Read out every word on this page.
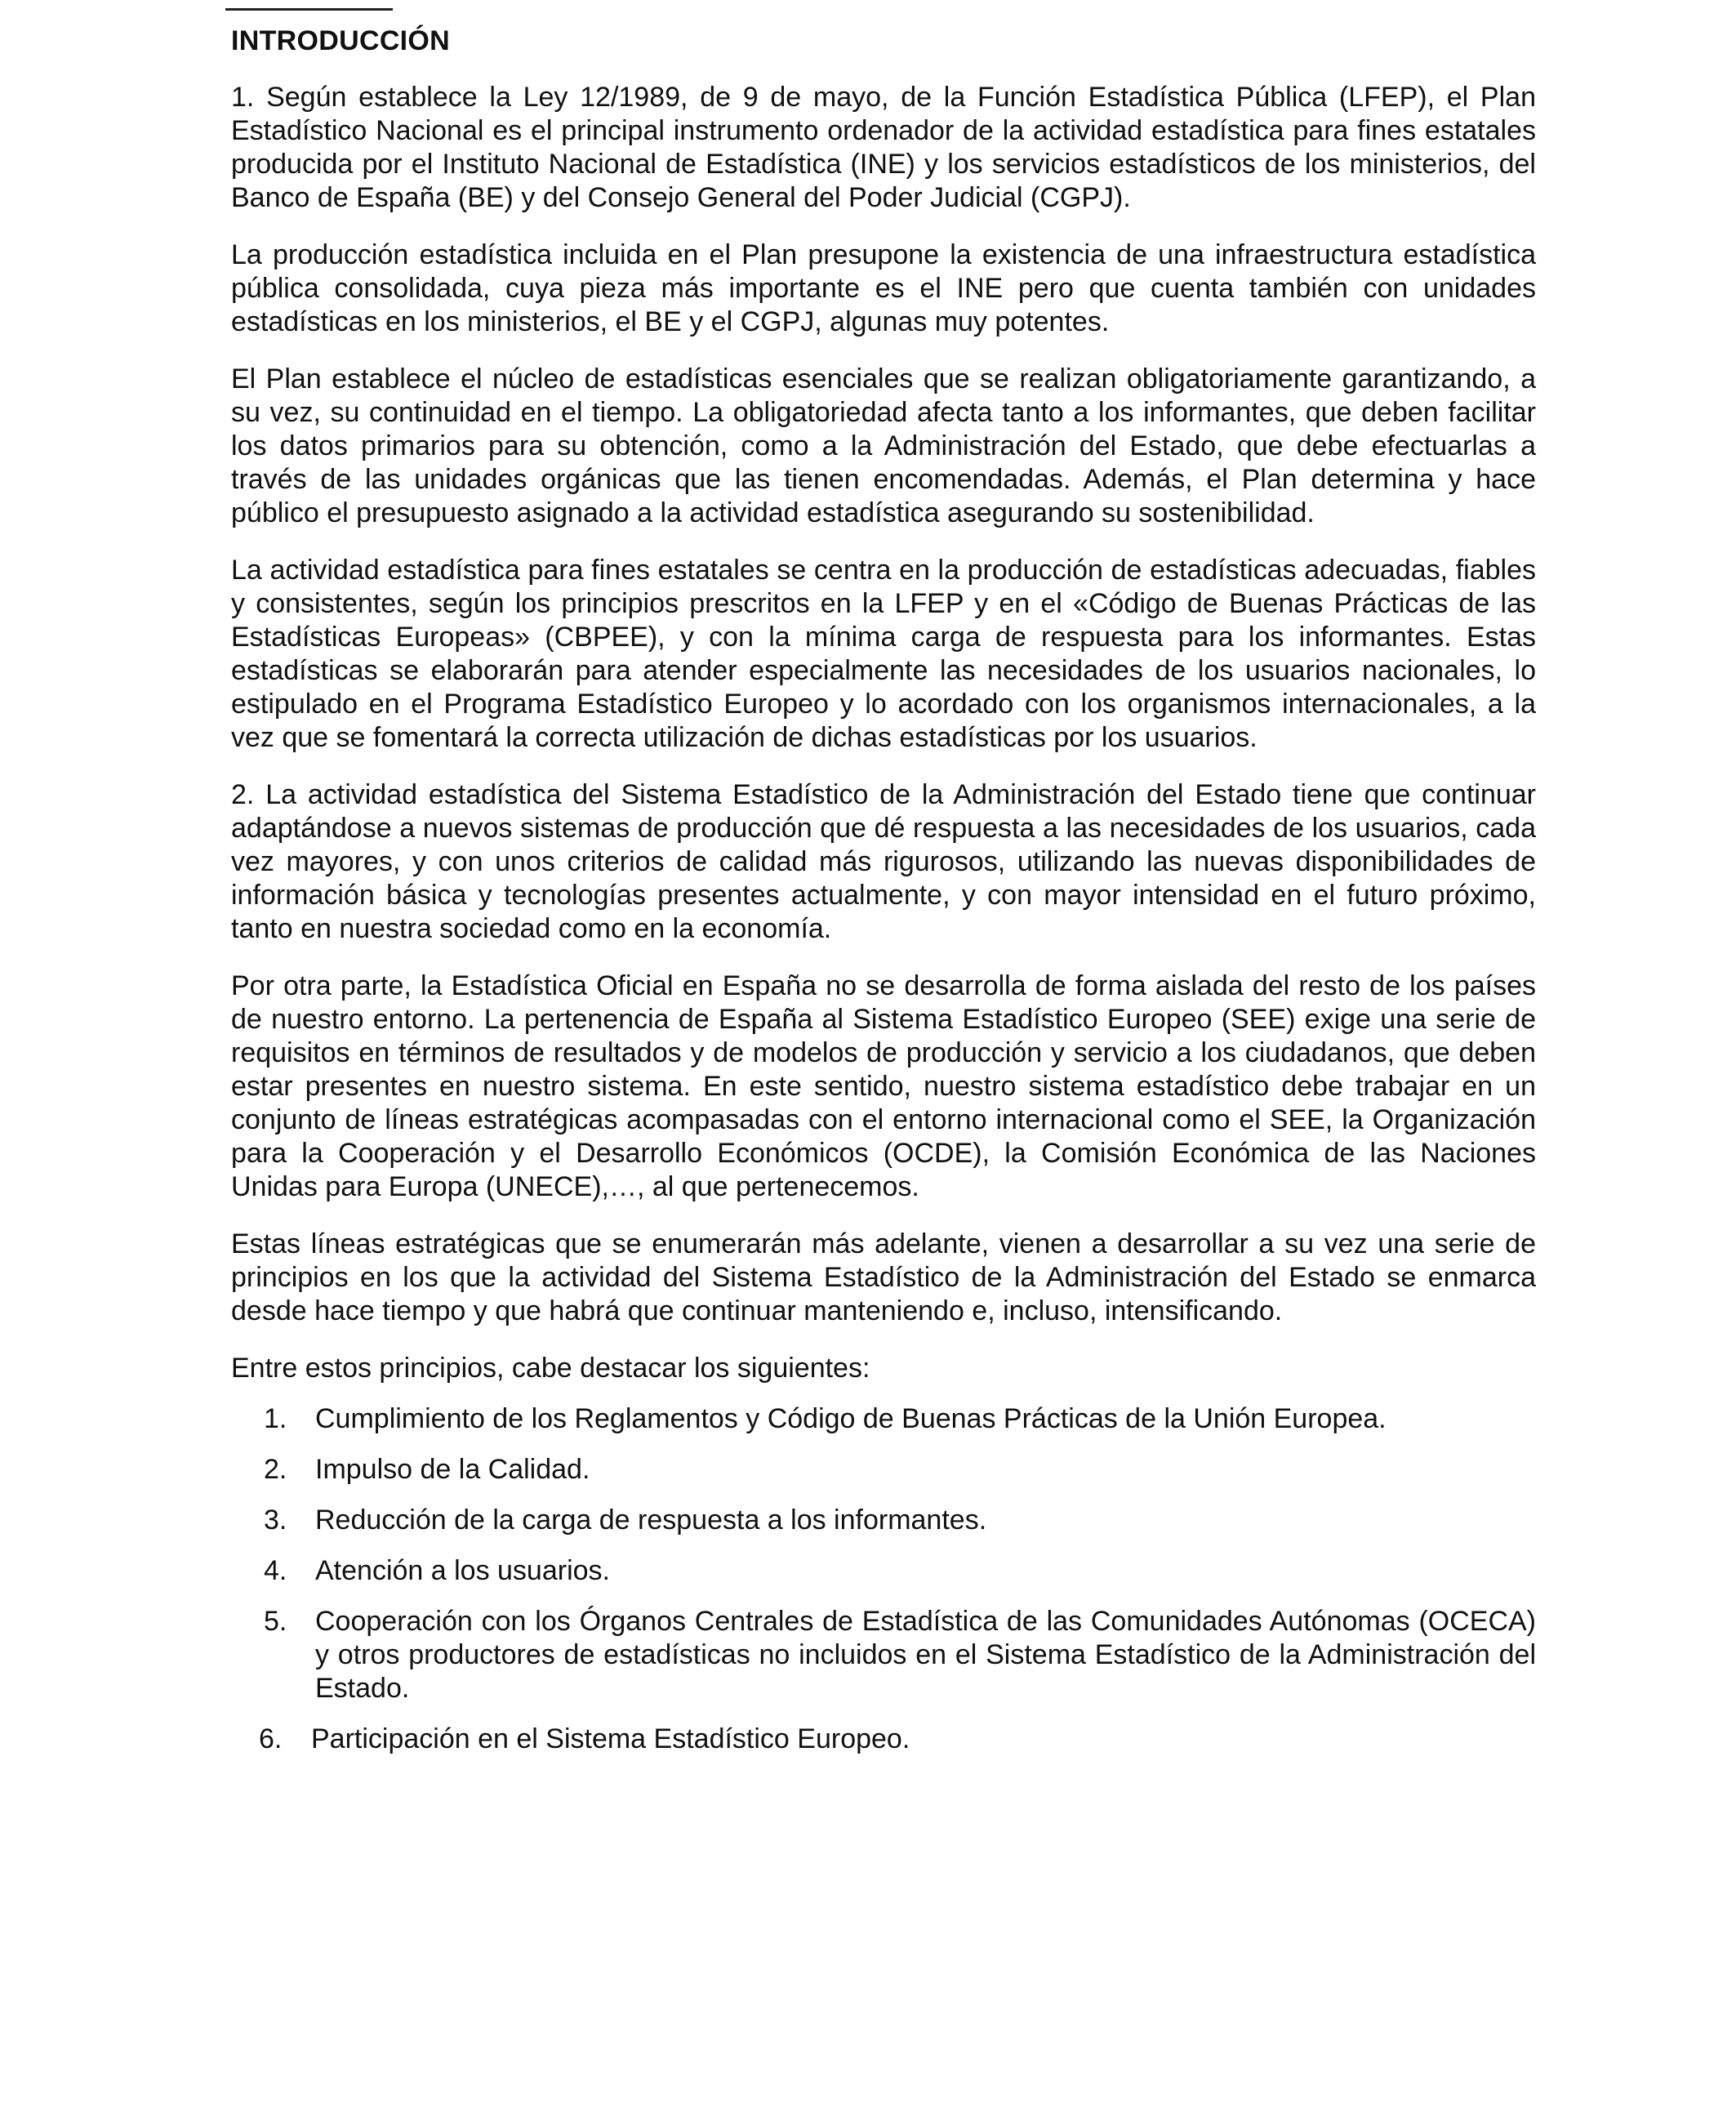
INTRODUCCIÓN

1. Según establece la Ley 12/1989, de 9 de mayo, de la Función Estadística Pública (LFEP), el Plan Estadístico Nacional es el principal instrumento ordenador de la actividad estadística para fines estatales producida por el Instituto Nacional de Estadística (INE) y los servicios estadísticos de los ministerios, del Banco de España (BE) y del Consejo General del Poder Judicial (CGPJ).

La producción estadística incluida en el Plan presupone la existencia de una infraestructura estadística pública consolidada, cuya pieza más importante es el INE pero que cuenta también con unidades estadísticas en los ministerios, el BE y el CGPJ, algunas muy potentes.

El Plan establece el núcleo de estadísticas esenciales que se realizan obligatoriamente garantizando, a su vez, su continuidad en el tiempo. La obligatoriedad afecta tanto a los informantes, que deben facilitar los datos primarios para su obtención, como a la Administración del Estado, que debe efectuarlas a través de las unidades orgánicas que las tienen encomendadas. Además, el Plan determina y hace público el presupuesto asignado a la actividad estadística asegurando su sostenibilidad.

La actividad estadística para fines estatales se centra en la producción de estadísticas adecuadas, fiables y consistentes, según los principios prescritos en la LFEP y en el «Código de Buenas Prácticas de las Estadísticas Europeas» (CBPEE), y con la mínima carga de respuesta para los informantes. Estas estadísticas se elaborarán para atender especialmente las necesidades de los usuarios nacionales, lo estipulado en el Programa Estadístico Europeo y lo acordado con los organismos internacionales, a la vez que se fomentará la correcta utilización de dichas estadísticas por los usuarios.

2. La actividad estadística del Sistema Estadístico de la Administración del Estado tiene que continuar adaptándose a nuevos sistemas de producción que dé respuesta a las necesidades de los usuarios, cada vez mayores, y con unos criterios de calidad más rigurosos, utilizando las nuevas disponibilidades de información básica y tecnologías presentes actualmente, y con mayor intensidad en el futuro próximo, tanto en nuestra sociedad como en la economía.

Por otra parte, la Estadística Oficial en España no se desarrolla de forma aislada del resto de los países de nuestro entorno. La pertenencia de España al Sistema Estadístico Europeo (SEE) exige una serie de requisitos en términos de resultados y de modelos de producción y servicio a los ciudadanos, que deben estar presentes en nuestro sistema. En este sentido, nuestro sistema estadístico debe trabajar en un conjunto de líneas estratégicas acompasadas con el entorno internacional como el SEE, la Organización para la Cooperación y el Desarrollo Económicos (OCDE), la Comisión Económica de las Naciones Unidas para Europa (UNECE),…, al que pertenecemos.

Estas líneas estratégicas que se enumerarán más adelante, vienen a desarrollar a su vez una serie de principios en los que la actividad del Sistema Estadístico de la Administración del Estado se enmarca desde hace tiempo y que habrá que continuar manteniendo e, incluso, intensificando.

Entre estos principios, cabe destacar los siguientes:

1. Cumplimiento de los Reglamentos y Código de Buenas Prácticas de la Unión Europea.
2. Impulso de la Calidad.
3. Reducción de la carga de respuesta a los informantes.
4. Atención a los usuarios.
5. Cooperación con los Órganos Centrales de Estadística de las Comunidades Autónomas (OCECA) y otros productores de estadísticas no incluidos en el Sistema Estadístico de la Administración del Estado.
6. Participación en el Sistema Estadístico Europeo.
